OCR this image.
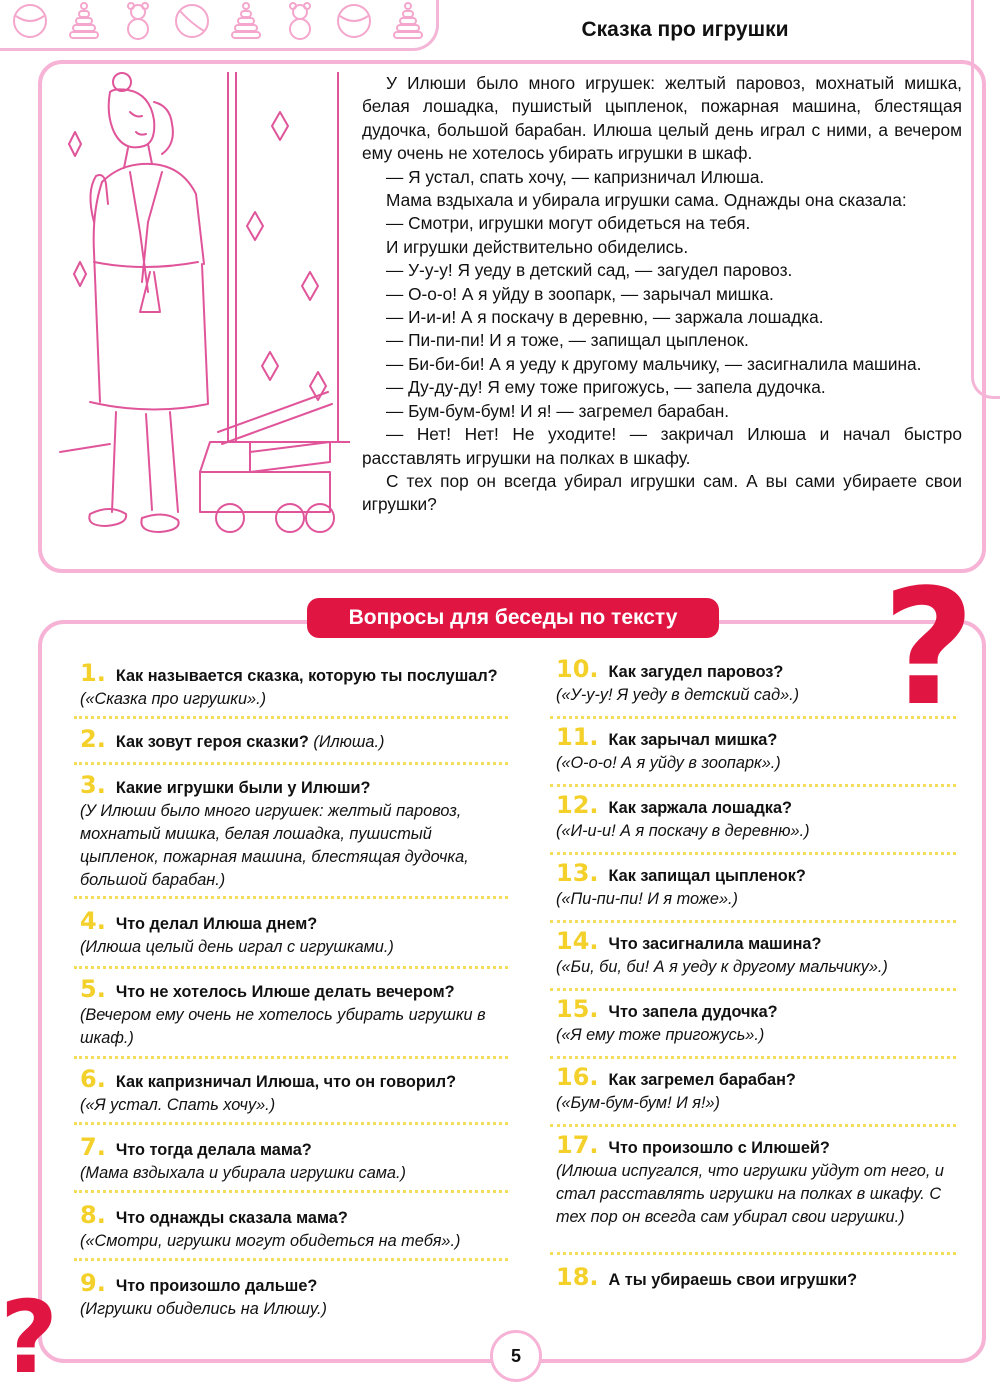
Сказка про игрушки

У Илюши было много игрушек: желтый паровоз, мохнатый мишка, белая лошадка, пушистый цыпленок, пожарная машина, блестящая дудочка, большой барабан. Илюша целый день играл с ними, а вечером ему очень не хотелось убирать игрушки в шкаф.

— Я устал, спать хочу, — капризничал Илюша.

Мама вздыхала и убирала игрушки сама. Однажды она сказала:

— Смотри, игрушки могут обидеться на тебя.

И игрушки действительно обиделись.

— У-у-у! Я уеду в детский сад, — загудел паровоз.

— О-о-о! А я уйду в зоопарк, — зарычал мишка.

— И-и-и! А я поскачу в деревню, — заржала лошадка.

— Пи-пи-пи! И я тоже, — запищал цыпленок.

— Би-би-би! А я уеду к другому мальчику, — засигналила машина.

— Ду-ду-ду! Я ему тоже пригожусь, — запела дудочка.

— Бум-бум-бум! И я! — загремел барабан.

— Нет! Нет! Не уходите! — закричал Илюша и начал быстро расставлять игрушки на полках в шкафу.

С тех пор он всегда убирал игрушки сам. А вы сами убираете свои игрушки?

Вопросы для беседы по тексту ?
?
1. Как называется сказка, которую ты послушал? («Сказка про игрушки».)
2. Как зовут героя сказки? (Илюша.)
3. Какие игрушки были у Илюши?
(У Илюши было много игрушек: желтый паровоз, мохнатый мишка, белая лошадка, пушистый цыпленок, пожарная машина, блестящая дудочка, большой барабан.)
4. Что делал Илюша днем?
(Илюша целый день играл с игрушками.)
5. Что не хотелось Илюше делать вечером?
(Вечером ему очень не хотелось убирать игрушки в шкаф.)
6. Как капризничал Илюша, что он говорил?
(«Я устал. Спать хочу».)
7. Что тогда делала мама?
(Мама вздыхала и убирала игрушки сама.)
8. Что однажды сказала мама?
(«Смотри, игрушки могут обидеться на тебя».)
9. Что произошло дальше?
(Игрушки обиделись на Илюшу.)
10. Как загудел паровоз?
(«У-у-у! Я уеду в детский сад».)
11. Как зарычал мишка?
(«О-о-о! А я уйду в зоопарк».)
12. Как заржала лошадка?
(«И-и-и! А я поскачу в деревню».)
13. Как запищал цыпленок?
(«Пи-пи-пи! И я тоже».)
14. Что засигналила машина?
(«Би, би, би! А я уеду к другому мальчику».)
15. Что запела дудочка?
(«Я ему тоже пригожусь».)
16. Как загремел барабан?
(«Бум-бум-бум! И я!»)
17. Что произошло с Илюшей?
(Илюша испугался, что игрушки уйдут от него, и стал расставлять игрушки на полках в шкафу. С тех пор он всегда сам убирал свои игрушки.)
18. А ты убираешь свои игрушки?
5
